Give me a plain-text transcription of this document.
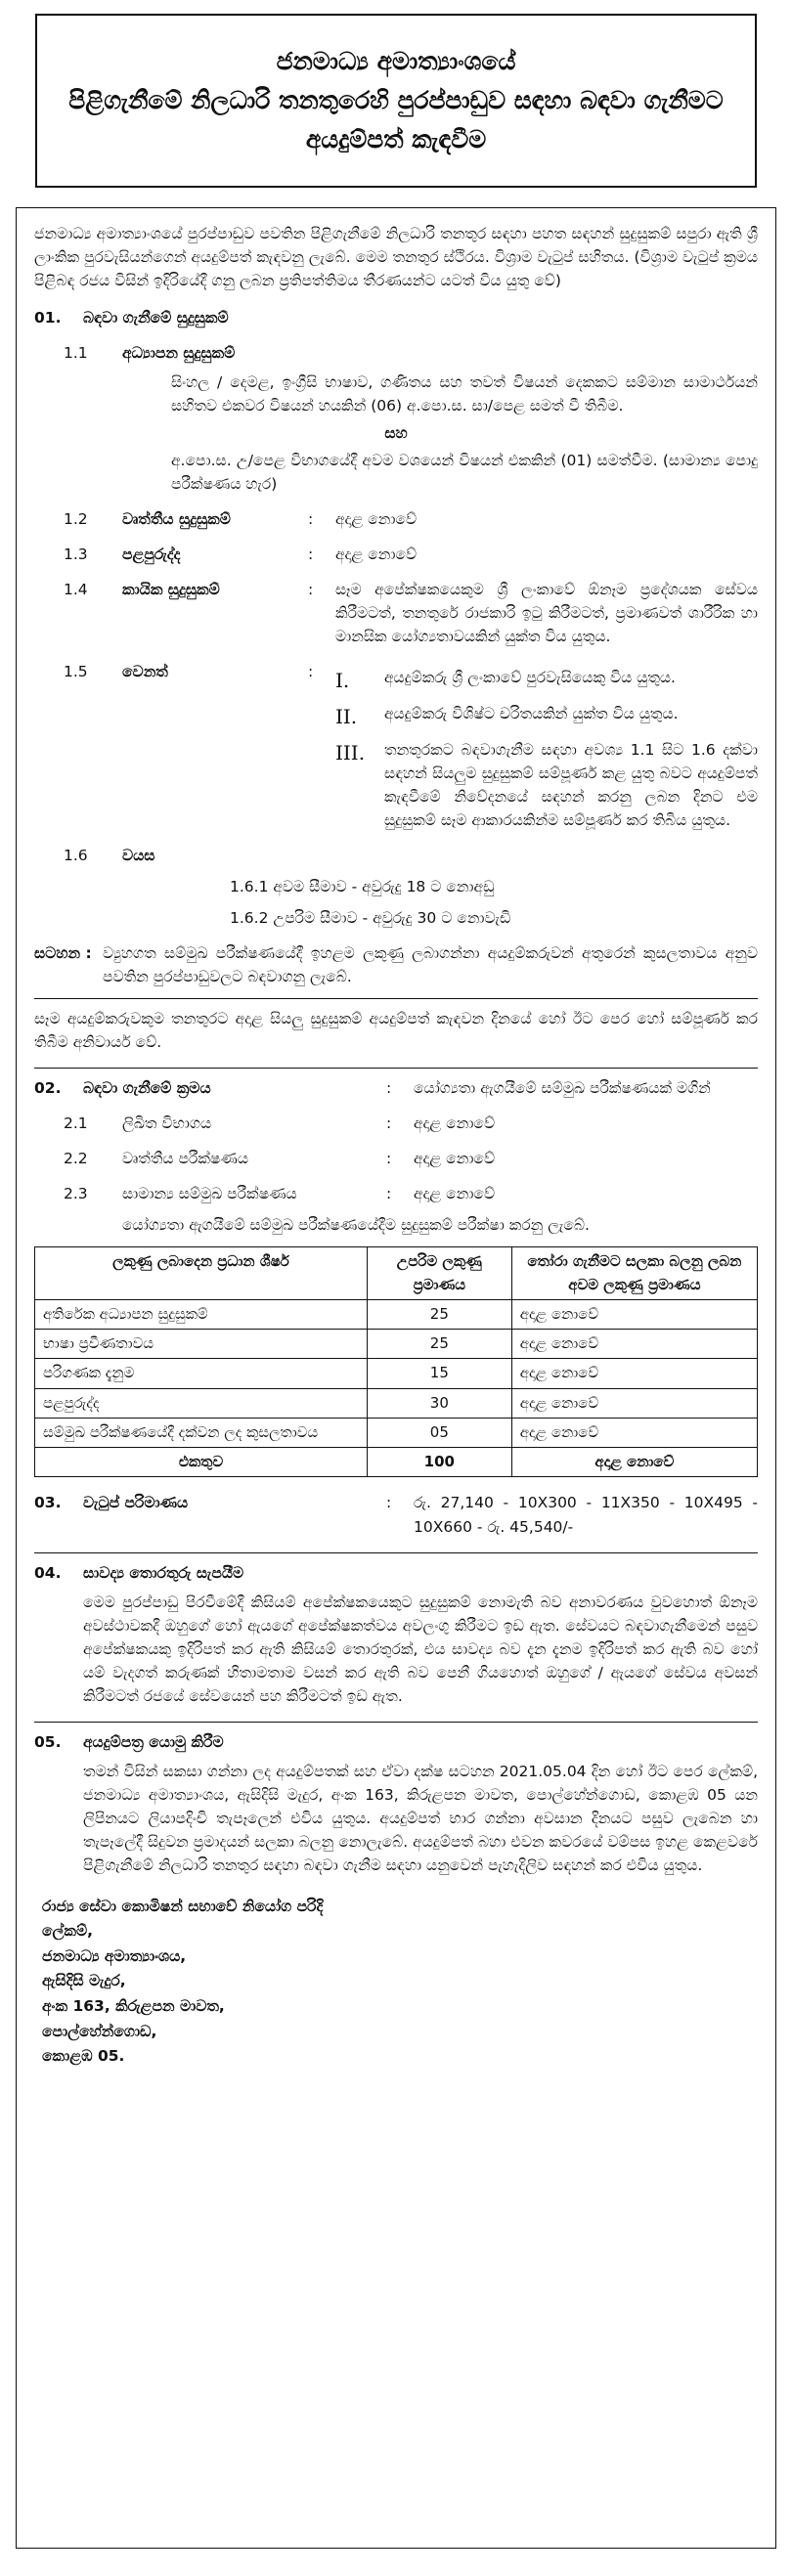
ජනමාධ්‍ය අමාත්‍යාංශයේ
පිළිගැනීමේ නිලධාරි තනතුරෙහි පුරප්පාඩුව සඳහා බඳවා ගැනීමට
අයදුම්පත් කැඳවීම

ජනමාධ්‍ය අමාත්‍යාංශයේ පුරප්පාඩුව පවතින පිළිගැනීමේ නිලධාරි තනතුර සඳහා පහත සඳහන් සුදුසුකම් සපුරා ඇති ශ්‍රී ලාංකික පුරවැසියන්ගෙන් අයදුම්පත් කැඳවනු ලැබේ. මෙම තනතුර ස්ථිරය. විශ්‍රාම වැටුප් සහිතය. (විශ්‍රාම වැටුප් ක්‍රමය පිළිබඳ රජය විසින් ඉදිරියේදී ගනු ලබන ප්‍රතිපත්තිමය තීරණයන්ට යටත් විය යුතු වේ)

01.	බඳවා ගැනීමේ සුදුසුකම්
1.1	අධ්‍යාපන සුදුසුකම්

සිංහල / දෙමළ, ඉංග්‍රීසි භාෂාව, ගණිතය සහ තවත් විෂයන් දෙකකට සම්මාන සාමාර්ථයන් සහිතව එකවර විෂයන් හයකින් (06) අ.පො.ස. සා/පෙළ සමත් වී තිබීම.

සහ

අ.පො.ස. උ/පෙළ විභාගයේදී අවම වශයෙන් විෂයන් එකකින් (01) සමත්වීම. (සාමාන්‍ය පොදු පරීක්ෂණය හැර)

1.2	වෘත්තීය සුදුසුකම්	:	අදාළ නොවේ
1.3	පළපුරුද්ද	:	අදාළ නොවේ
1.4	කායික සුදුසුකම්	:	සෑම අපේක්ෂකයෙකුම ශ්‍රී ලංකාවේ ඕනෑම ප්‍රදේශයක සේවය කිරීමටත්, තනතුරේ රාජකාරි ඉටු කිරීමටත්, ප්‍රමාණවත් ශාරීරික හා මානසික යෝග්‍යතාවයකින් යුක්ත විය යුතුය.
1.5	වෙනත්	:	I.	අයදුම්කරු ශ්‍රී ලංකාවේ පුරවැසියෙකු විය යුතුය.
II.	අයදුම්කරු විශිෂ්ට චරිතයකින් යුක්ත විය යුතුය.
III.	තනතුරකට බඳවාගැනීම සඳහා අවශ්‍ය 1.1 සිට 1.6 දක්වා සඳහන් සියලුම සුදුසුකම් සම්පූර්ණ කළ යුතු බවට අයදුම්පත් කැඳවීමේ නිවේදනයේ සඳහන් කරනු ලබන දිනට එම සුදුසුකම් සෑම ආකාරයකින්ම සම්පූර්ණ කර තිබිය යුතුය.
1.6	වයස
1.6.1 අවම සීමාව - අවුරුදු 18 ට නොඅඩු
1.6.2 උපරිම සීමාව - අවුරුදු 30 ට නොවැඩි
සටහන : ව්‍යුහගත සම්මුඛ පරීක්ෂණයේදී ඉහළම ලකුණු ලබාගන්නා අයදුම්කරුවන් අතුරෙන් කුසලතාවය අනුව පවතින පුරප්පාඩුවලට බඳවාගනු ලැබේ.

සෑම අයදුම්කරුවකුම තනතුරට අදාළ සියලු සුදුසුකම් අයදුම්පත් කැඳවන දිනයේ හෝ ඊට පෙර හෝ සම්පූර්ණ කර තිබීම අනිවාර්ය වේ.

02.	බඳවා ගැනීමේ ක්‍රමය	:	යෝග්‍යතා ඇගයීමේ සම්මුඛ පරීක්ෂණයක් මගින්
2.1	ලිඛිත විභාගය	:	අදාළ නොවේ
2.2	වෘත්තීය පරීක්ෂණය	:	අදාළ නොවේ
2.3	සාමාන්‍ය සම්මුඛ පරීක්ෂණය	:	අදාළ නොවේ

යෝග්‍යතා ඇගයීමේ සම්මුඛ පරීක්ෂණයේදීම සුදුසුකම් පරීක්ෂා කරනු ලැබේ.

ලකුණු ලබාදෙන ප්‍රධාන ශීර්ෂ	උපරිම ලකුණු ප්‍රමාණය	තෝරා ගැනීමට සලකා බලනු ලබන අවම ලකුණු ප්‍රමාණය
අතිරේක අධ්‍යාපන සුදුසුකම්	25	අදාළ නොවේ
භාෂා ප්‍රවීණතාවය	25	අදාළ නොවේ
පරිගණක දැනුම	15	අදාළ නොවේ
පළපුරුද්ද	30	අදාළ නොවේ
සම්මුඛ පරීක්ෂණයේදී දක්වන ලද කුසලතාවය	05	අදාළ නොවේ
එකතුව	100	අදාළ නොවේ
03.	වැටුප් පරිමාණය	:	රු. 27,140 - 10X300 - 11X350 - 10X495 - 10X660 - රු. 45,540/-
04.	සාවද්‍ය තොරතුරු සැපයීම

මෙම පුරප්පාඩු පිරවීමේදී කිසියම් අපේක්ෂකයෙකුට සුදුසුකම් නොමැති බව අනාවරණය වුවහොත් ඕනෑම අවස්ථාවකදී ඔහුගේ හෝ ඇයගේ අපේක්ෂකත්වය අවලංගු කිරීමට ඉඩ ඇත. සේවයට බඳවාගැනීමෙන් පසුව අපේක්ෂකයකු ඉදිරිපත් කර ඇති කිසියම් තොරතුරක්, එය සාවද්‍ය බව දැන දැනම ඉදිරිපත් කර ඇති බව හෝ යම් වැදගත් කරුණක් හිතාමතාම වසන් කර ඇති බව පෙනී ගියහොත් ඔහුගේ / ඇයගේ සේවය අවසන් කිරීමටත් රජයේ සේවයෙන් පහ කිරීමටත් ඉඩ ඇත.

05.	අයදුම්පත්‍ර යොමු කිරීම

තමන් විසින් සකසා ගන්නා ලද අයදුම්පතක් සහ ඒවා දක්ෂ සටහන 2021.05.04 දින හෝ ඊට පෙර ලේකම්, ජනමාධ්‍ය අමාත්‍යාංශය, ඇසිදිසි මැදුර, අංක 163, කිරුළපන මාවත, පොල්හේන්ගොඩ, කොළඹ 05 යන ලිපිනයට ලියාපදිංචි තැපෑලෙන් එවිය යුතුය. අයදුම්පත් භාර ගන්නා අවසාන දිනයට පසුව ලැබෙන හා තැපෑලේදී සිදුවන ප්‍රමාදයන් සලකා බලනු නොලැබේ. අයදුම්පත් බහා එවන කවරයේ වම්පස ඉහළ කෙළවරේ පිළිගැනීමේ නිලධාරි තනතුර සඳහා බඳවා ගැනීම සඳහා යනුවෙන් පැහැදිලිව සඳහන් කර එවිය යුතුය.

රාජ්‍ය සේවා කොමිෂන් සභාවේ නියෝග පරිදි
ලේකම්,
ජනමාධ්‍ය අමාත්‍යාංශය,
ඇසිදිසි මැදුර,
අංක 163, කිරුළපන මාවත,
පොල්හේන්ගොඩ,
කොළඹ 05.
